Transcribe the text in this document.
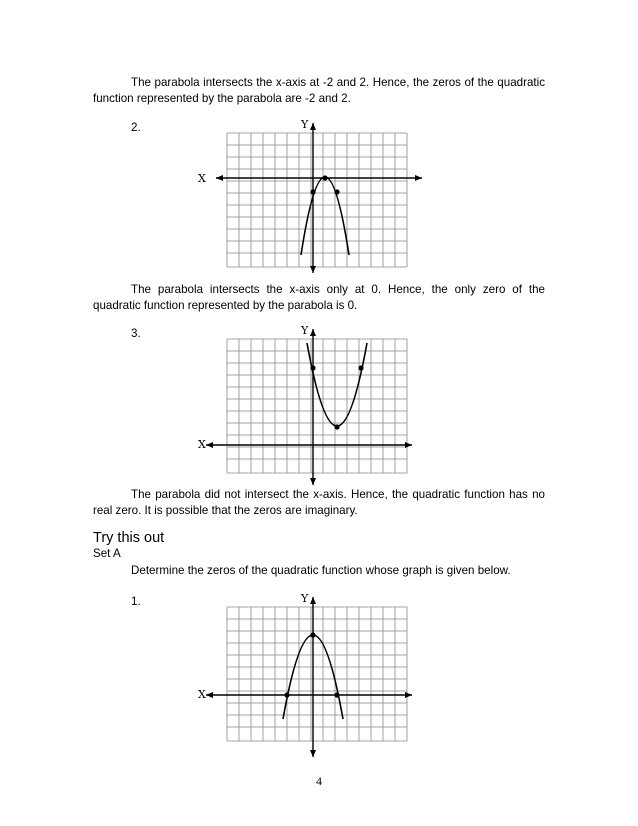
The parabola intersects the x-axis at -2 and 2. Hence, the zeros of the quadratic function represented by the parabola are -2 and 2.
2.
X
Y
The parabola intersects the x-axis only at 0. Hence, the only zero of the quadratic function represented by the parabola is 0.
3.
X
Y
The parabola did not intersect the x-axis. Hence, the quadratic function has no real zero. It is possible that the zeros are imaginary.
Try this out
Set A
Determine the zeros of the quadratic function whose graph is given below.
1.
X
Y
4
